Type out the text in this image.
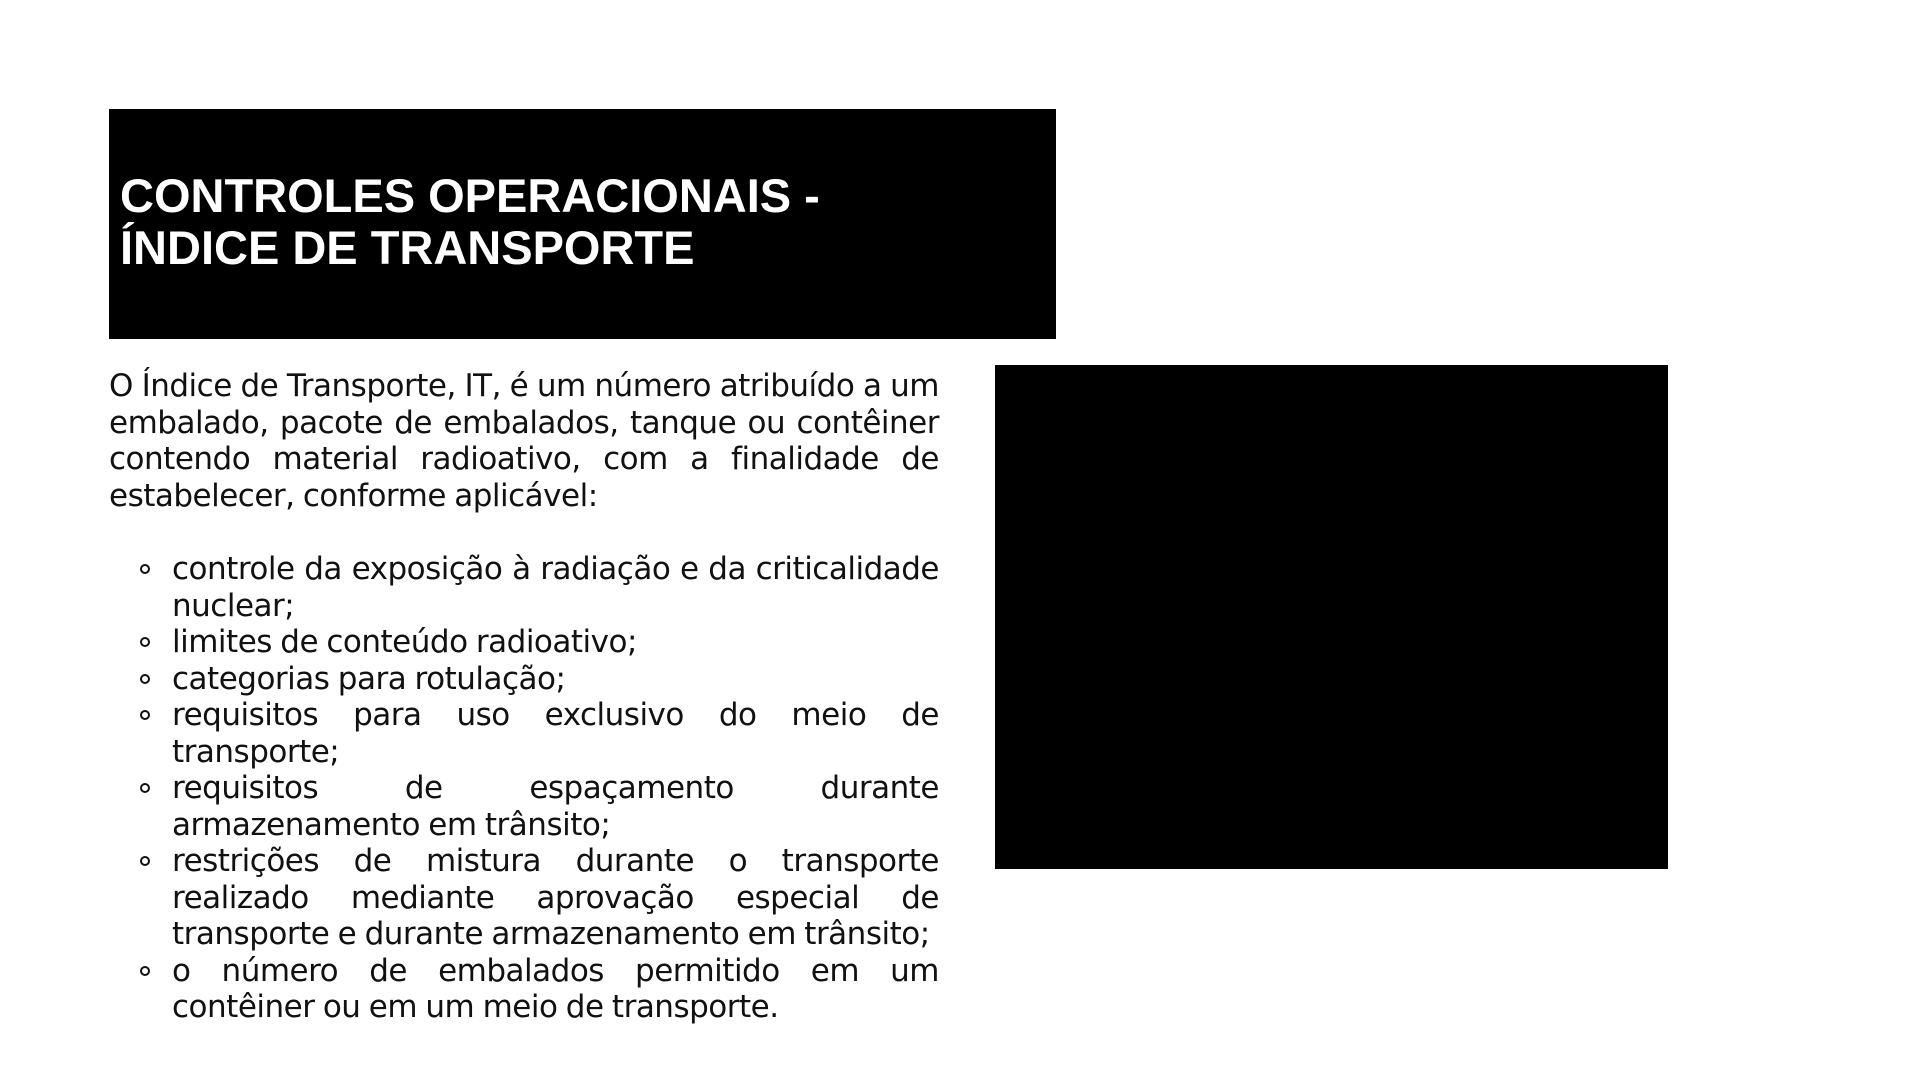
CONTROLES OPERACIONAIS -
ÍNDICE DE TRANSPORTE

O Índice de Transporte, IT, é um número atribuído a um embalado, pacote de embalados, tanque ou contêiner contendo material radioativo, com a finalidade de estabelecer, conforme aplicável:

controle da exposição à radiação e da criticalidade nuclear;
limites de conteúdo radioativo;
categorias para rotulação;
requisitos para uso exclusivo do meio de transporte;
requisitos de espaçamento durante armazenamento em trânsito;
restrições de mistura durante o transporte realizado mediante aprovação especial de transporte e durante armazenamento em trânsito;
o número de embalados permitido em um contêiner ou em um meio de transporte.
